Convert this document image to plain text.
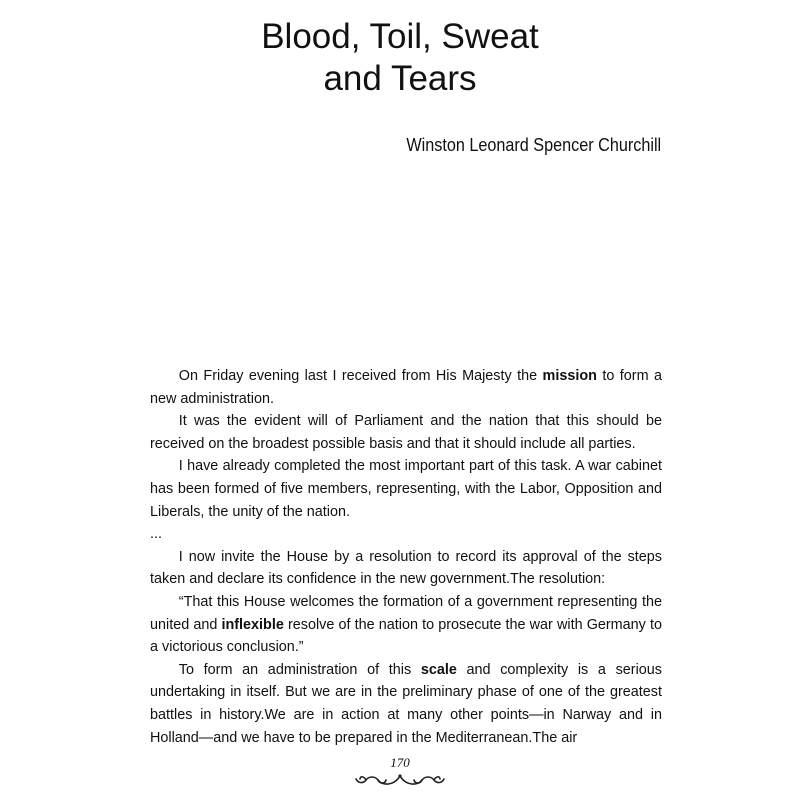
Blood, Toil, Sweat
and Tears
Winston Leonard Spencer Churchill

On Friday evening last I received from His Majesty the mission to form a new administration.

It was the evident will of Parliament and the nation that this should be received on the broadest possible basis and that it should include all parties.

I have already completed the most important part of this task. A war cabinet has been formed of five members, representing, with the Labor, Opposition and Liberals, the unity of the nation.

...

I now invite the House by a resolution to record its approval of the steps taken and declare its confidence in the new government.The resolution:

“That this House welcomes the formation of a government representing the united and inflexible resolve of the nation to prosecute the war with Germany to a victorious conclusion.”

To form an administration of this scale and complexity is a serious undertaking in itself. But we are in the preliminary phase of one of the greatest battles in history.We are in action at many other points—in Narway and in Holland—and we have to be prepared in the Mediterranean.The air

170
